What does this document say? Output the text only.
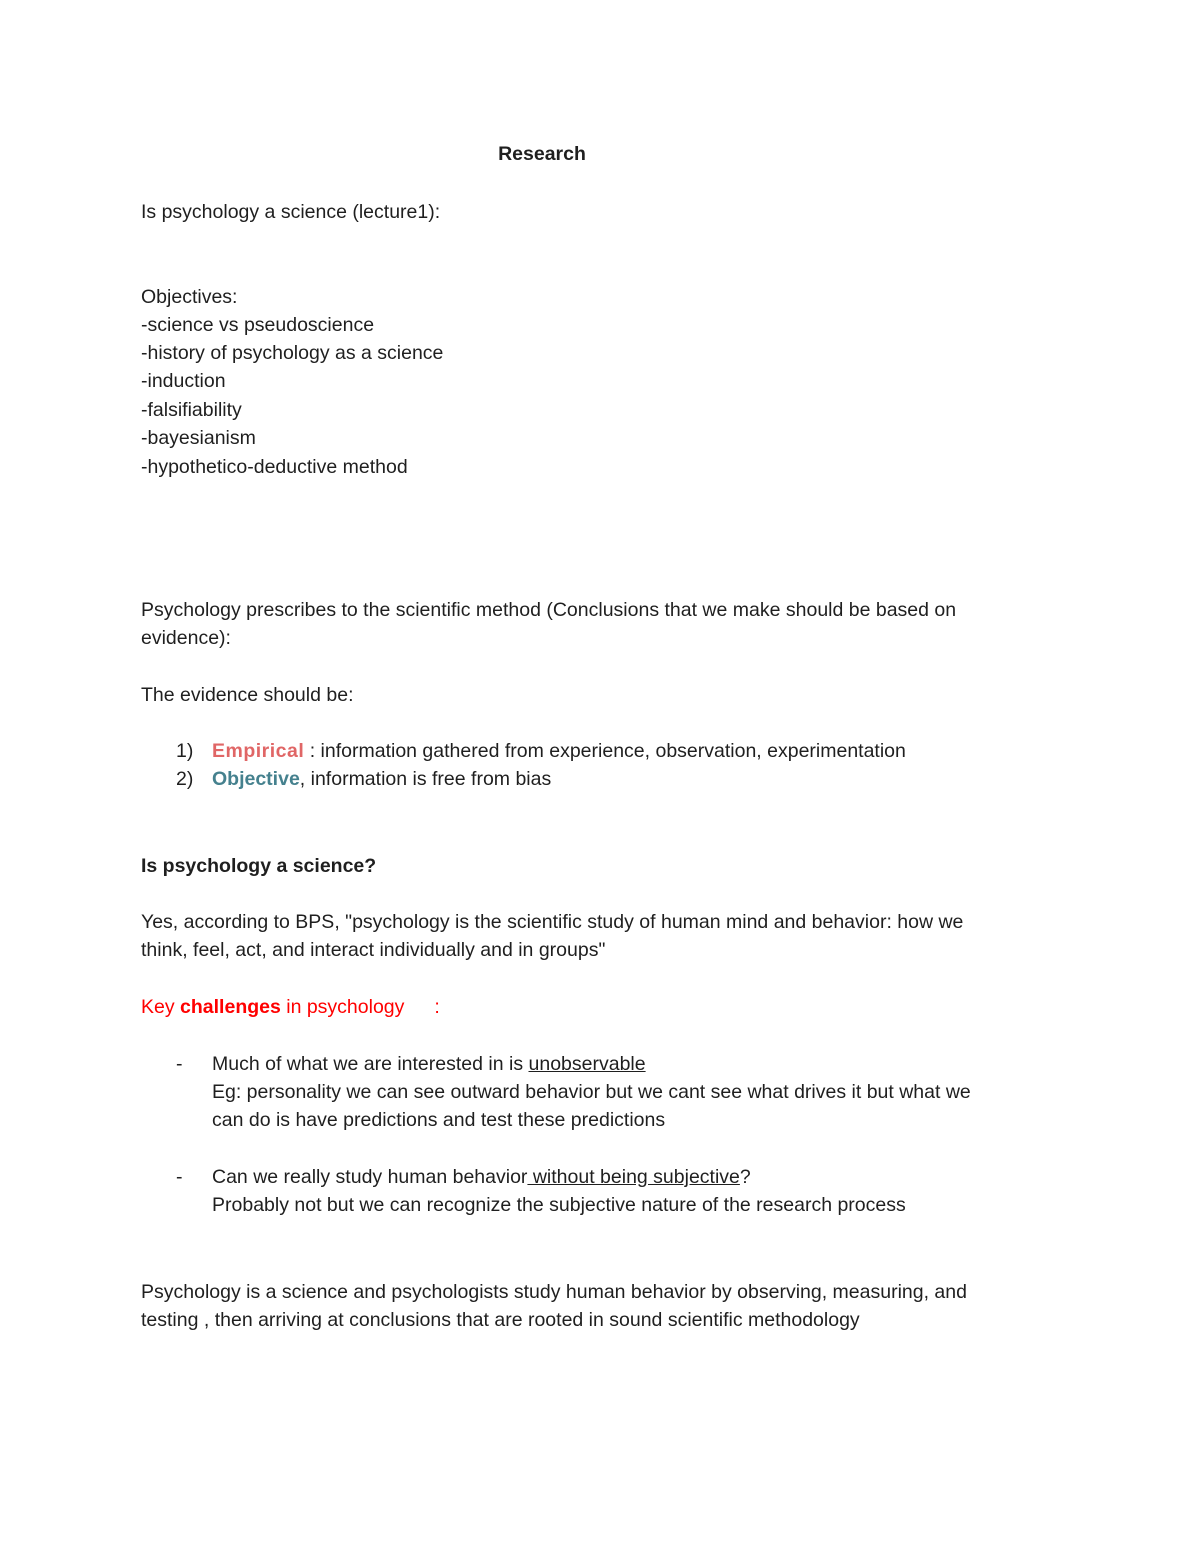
Research
Is psychology a science (lecture1):
Objectives:
-science vs pseudoscience
-history of psychology as a science
-induction
-falsifiability
-bayesianism
-hypothetico-deductive method
Psychology prescribes to the scientific method (Conclusions that we make should be based on
evidence):
The evidence should be:
1) Empirical : information gathered from experience, observation, experimentation
2) Objective, information is free from bias
Is psychology a science?
Yes, according to BPS, "psychology is the scientific study of human mind and behavior: how we
think, feel, act, and interact individually and in groups"
Key challenges in psychology :
- Much of what we are interested in is unobservable
Eg: personality we can see outward behavior but we cant see what drives it but what we
can do is have predictions and test these predictions
- Can we really study human behavior without being subjective?
Probably not but we can recognize the subjective nature of the research process
Psychology is a science and psychologists study human behavior by observing, measuring, and
testing , then arriving at conclusions that are rooted in sound scientific methodology
